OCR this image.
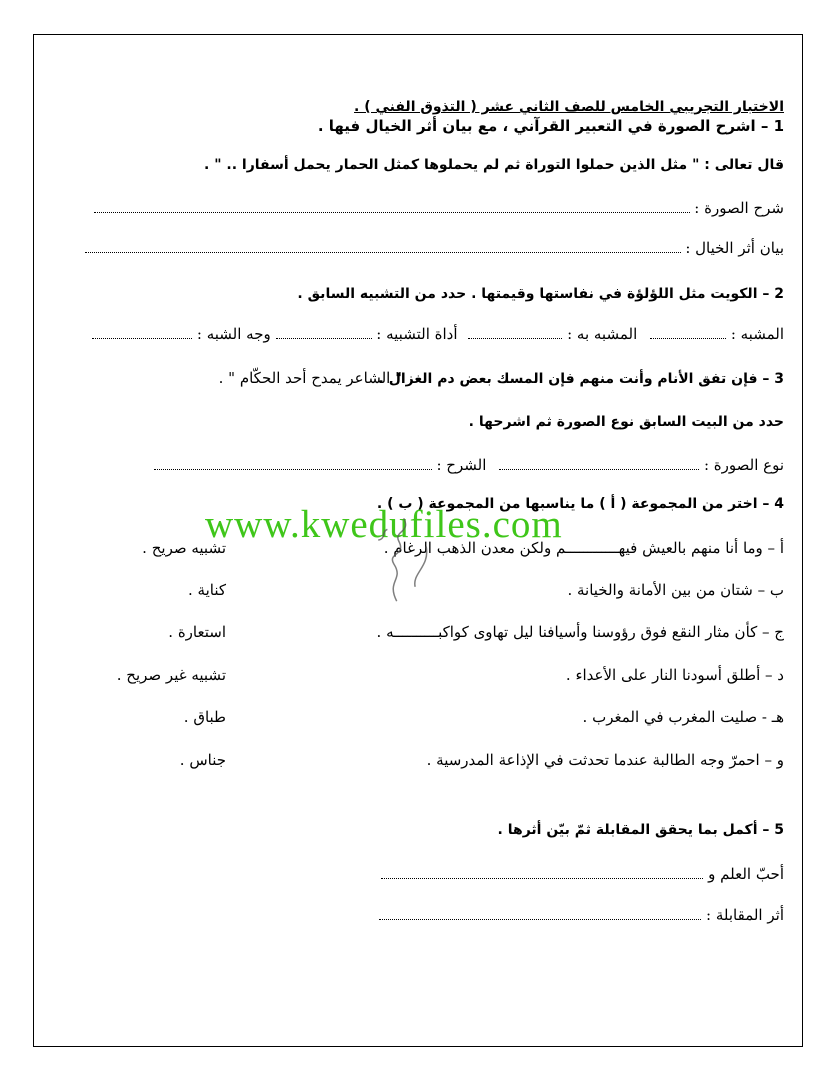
الاختبار التجريبي الخامس للصف الثاني عشر ( التذوق الفني ) .
1 – اشرح الصورة في التعبير القرآني ، مع بيان أثر الخيال فيها .
قال تعالى : " مثل الذين حملوا التوراة ثم لم يحملوها كمثل الحمار يحمل أسفارا .. " .
شرح الصورة :
بيان أثر الخيال :
2 – الكويت مثل اللؤلؤة في نفاستها وقيمتها . حدد من التشبيه السابق .
المشبه :  المشبه به :  أداة التشبيه :  وجه الشبه :
3 – فإن تفق الأنام وأنت منهم فإن المسك بعض دم الغزال .
" الشاعر يمدح أحد الحكّام " .
حدد من البيت السابق نوع الصورة ثم اشرحها .
نوع الصورة :  الشرح :
4 – اختر من المجموعة ( أ ) ما يناسبها من المجموعة ( ب ) .
أ – وما أنا منهم بالعيش فيهــــــــــــم ولكن معدن الذهب الرغام .
ب – شتان من بين الأمانة والخيانة .
ج – كأن مثار النقع فوق رؤوسنا وأسيافنا ليل تهاوى كواكبــــــــــه .
د – أطلق أسودنا النار على الأعداء .
هـ - صليت المغرب في المغرب .
و – احمرّ وجه الطالبة عندما تحدثت في الإذاعة المدرسية .
تشبيه صريح .
كناية .
استعارة .
تشبيه غير صريح .
طباق .
جناس .
5 – أكمل بما يحقق المقابلة ثمّ بيّن أثرها .
أحبّ العلم و
أثر المقابلة :
www.kwedufiles.com
